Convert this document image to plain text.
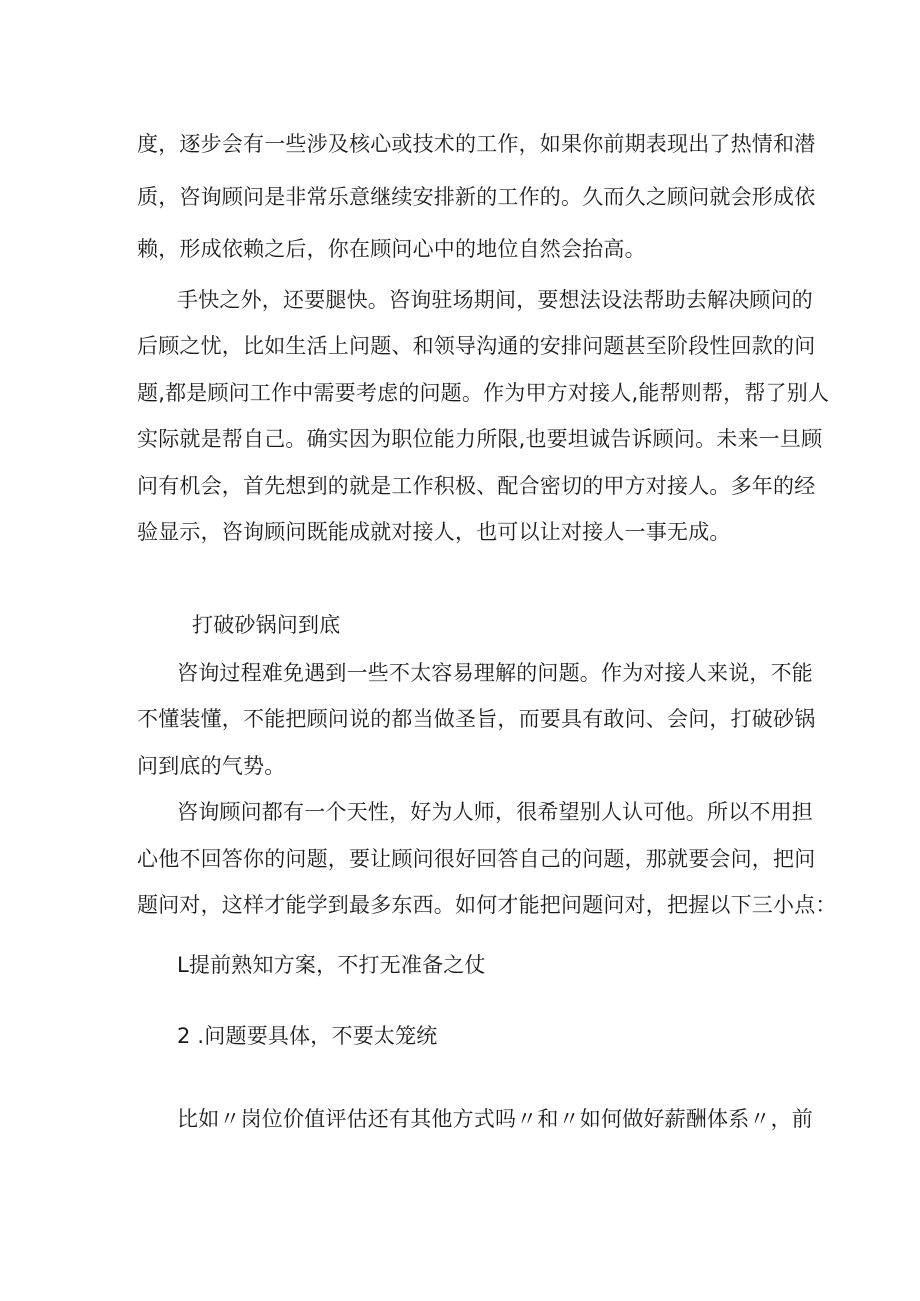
度，逐步会有一些涉及核心或技术的工作，如果你前期表现出了热情和潜
质，咨询顾问是非常乐意继续安排新的工作的。久而久之顾问就会形成依
赖，形成依赖之后，你在顾问心中的地位自然会抬高。
手快之外，还要腿快。咨询驻场期间，要想法设法帮助去解决顾问的
后顾之忧，比如生活上问题、和领导沟通的安排问题甚至阶段性回款的问
题,都是顾问工作中需要考虑的问题。作为甲方对接人,能帮则帮，帮了别人
实际就是帮自己。确实因为职位能力所限,也要坦诚告诉顾问。未来一旦顾
问有机会，首先想到的就是工作积极、配合密切的甲方对接人。多年的经
验显示，咨询顾问既能成就对接人，也可以让对接人一事无成。
打破砂锅问到底
咨询过程难免遇到一些不太容易理解的问题。作为对接人来说，不能
不懂装懂，不能把顾问说的都当做圣旨，而要具有敢问、会问，打破砂锅
问到底的气势。
咨询顾问都有一个天性，好为人师，很希望别人认可他。所以不用担
心他不回答你的问题，要让顾问很好回答自己的问题，那就要会问，把问
题问对，这样才能学到最多东西。如何才能把问题问对，把握以下三小点：
L提前熟知方案，不打无准备之仗
2 .问题要具体，不要太笼统
比如〃岗位价值评估还有其他方式吗〃和〃如何做好薪酬体系〃，前
